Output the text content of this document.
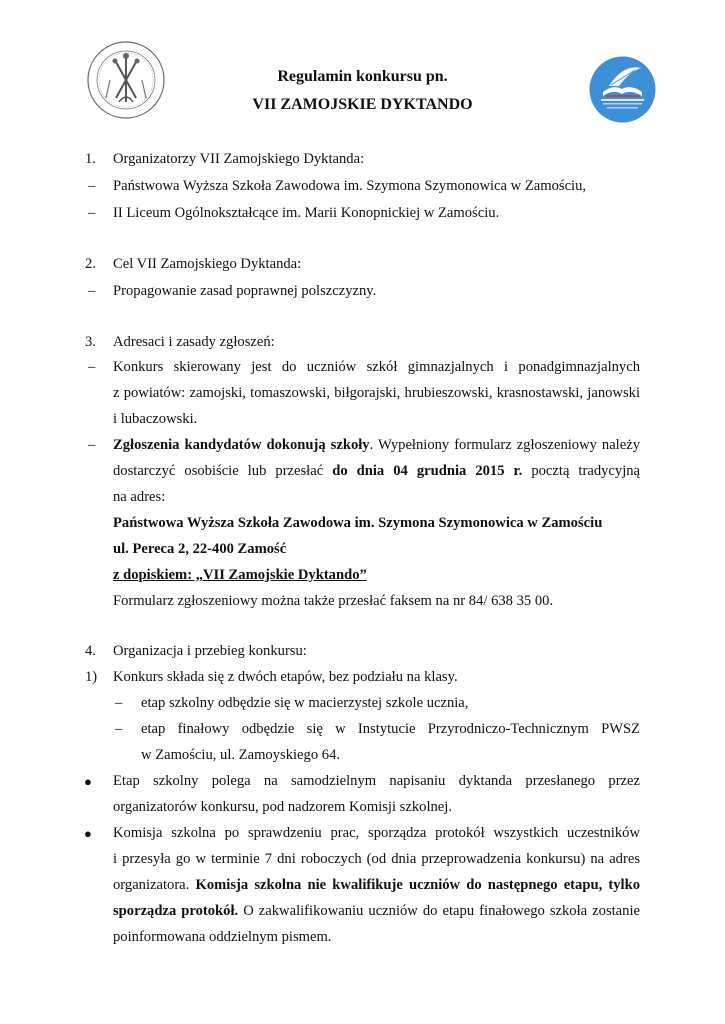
Regulamin konkursu pn.
VII ZAMOJSKIE DYKTANDO
1. Organizatorzy VII Zamojskiego Dyktanda:
– Państwowa Wyższa Szkoła Zawodowa im. Szymona Szymonowica w Zamościu,
– II Liceum Ogólnokształcące im. Marii Konopnickiej w Zamościu.
2. Cel VII Zamojskiego Dyktanda:
– Propagowanie zasad poprawnej polszczyzny.
3. Adresaci i zasady zgłoszeń:
– Konkurs skierowany jest do uczniów szkół gimnazjalnych i ponadgimnazjalnych
z powiatów: zamojski, tomaszowski, biłgorajski, hrubieszowski, krasnostawski, janowski
i lubaczowski.
– Zgłoszenia kandydatów dokonują szkoły. Wypełniony formularz zgłoszeniowy należy
dostarczyć osobiście lub przesłać do dnia 04 grudnia 2015 r. pocztą tradycyjną
na adres:
Państwowa Wyższa Szkoła Zawodowa im. Szymona Szymonowica w Zamościu
ul. Pereca 2, 22-400 Zamość
z dopiskiem: „VII Zamojskie Dyktando”
Formularz zgłoszeniowy można także przesłać faksem na nr 84/ 638 35 00.
4. Organizacja i przebieg konkursu:
1) Konkurs składa się z dwóch etapów, bez podziału na klasy.
– etap szkolny odbędzie się w macierzystej szkole ucznia,
– etap finałowy odbędzie się w Instytucie Przyrodniczo-Technicznym PWSZ
w Zamościu, ul. Zamoyskiego 64.
● Etap szkolny polega na samodzielnym napisaniu dyktanda przesłanego przez
organizatorów konkursu, pod nadzorem Komisji szkolnej.
● Komisja szkolna po sprawdzeniu prac, sporządza protokół wszystkich uczestników
i przesyła go w terminie 7 dni roboczych (od dnia przeprowadzenia konkursu) na adres
organizatora. Komisja szkolna nie kwalifikuje uczniów do następnego etapu, tylko
sporządza protokół. O zakwalifikowaniu uczniów do etapu finałowego szkoła zostanie
poinformowana oddzielnym pismem.
